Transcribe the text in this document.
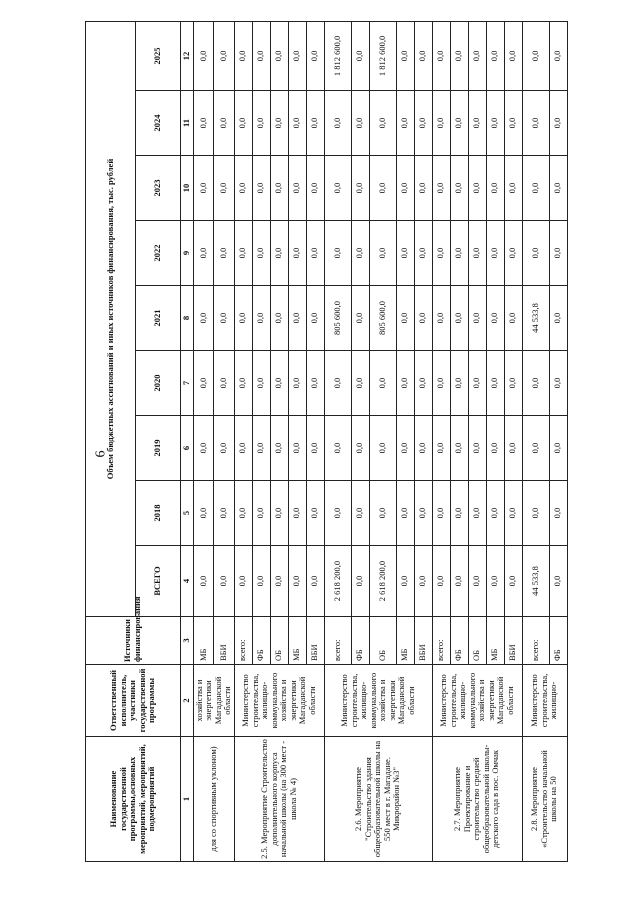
6
Наименование государственной программы,основных мероприятий, мероприятий, подмероприятий	Ответственный исполнитель, участники государственной программы	Источники финансирования	Объем бюджетных ассигнований и иных источников финансирования, тыс. рублей								
			ВСЕГО	2018	2019	2020	2021	2022	2023	2024	2025
1	2	3	4	5	6	7	8	9	10	11	12
для со спортивным уклоном)	хозяйства и энергетики Магаданской области	МБ	0,0	0,0	0,0	0,0	0,0	0,0	0,0	0,0	0,0
		ВБИ	0,0	0,0	0,0	0,0	0,0	0,0	0,0	0,0	0,0
2.5. Мероприятие Строительство дополнительного корпуса начальной школы (на 300 мест - школа № 4)	Министерство строительства, жилищно-коммунального хозяйства и энергетики Магаданской области	всего:	0,0	0,0	0,0	0,0	0,0	0,0	0,0	0,0	0,0
		ФБ	0,0	0,0	0,0	0,0	0,0	0,0	0,0	0,0	0,0
		ОБ	0,0	0,0	0,0	0,0	0,0	0,0	0,0	0,0	0,0
		МБ	0,0	0,0	0,0	0,0	0,0	0,0	0,0	0,0	0,0
		ВБИ	0,0	0,0	0,0	0,0	0,0	0,0	0,0	0,0	0,0
2.6. Мероприятие "Строительство здания общеобразовательной школы на 550 мест в г. Магадане. Микрорайон №3"	Министерство строительства, жилищно-коммунального хозяйства и энергетики Магаданской области	всего:	2 618 200,0	0,0	0,0	0,0	805 600,0	0,0	0,0	0,0	1 812 600,0
		ФБ	0,0	0,0	0,0	0,0	0,0	0,0	0,0	0,0	0,0
		ОБ	2 618 200,0	0,0	0,0	0,0	805 600,0	0,0	0,0	0,0	1 812 600,0
		МБ	0,0	0,0	0,0	0,0	0,0	0,0	0,0	0,0	0,0
		ВБИ	0,0	0,0	0,0	0,0	0,0	0,0	0,0	0,0	0,0
2.7. Мероприятие Проектирование и строительство средней общеобразовательной школы-детского сада в пос. Омчак	Министерство строительства, жилищно-коммунального хозяйства и энергетики Магаданской области	всего:	0,0	0,0	0,0	0,0	0,0	0,0	0,0	0,0	0,0
		ФБ	0,0	0,0	0,0	0,0	0,0	0,0	0,0	0,0	0,0
		ОБ	0,0	0,0	0,0	0,0	0,0	0,0	0,0	0,0	0,0
		МБ	0,0	0,0	0,0	0,0	0,0	0,0	0,0	0,0	0,0
		ВБИ	0,0	0,0	0,0	0,0	0,0	0,0	0,0	0,0	0,0
2.8. Мероприятие «Строительство начальной школы на 50	Министерство строительства, жилищно-	всего:	44 533,8	0,0	0,0	0,0	44 533,8	0,0	0,0	0,0	0,0
		ФБ	0,0	0,0	0,0	0,0	0,0	0,0	0,0	0,0	0,0
